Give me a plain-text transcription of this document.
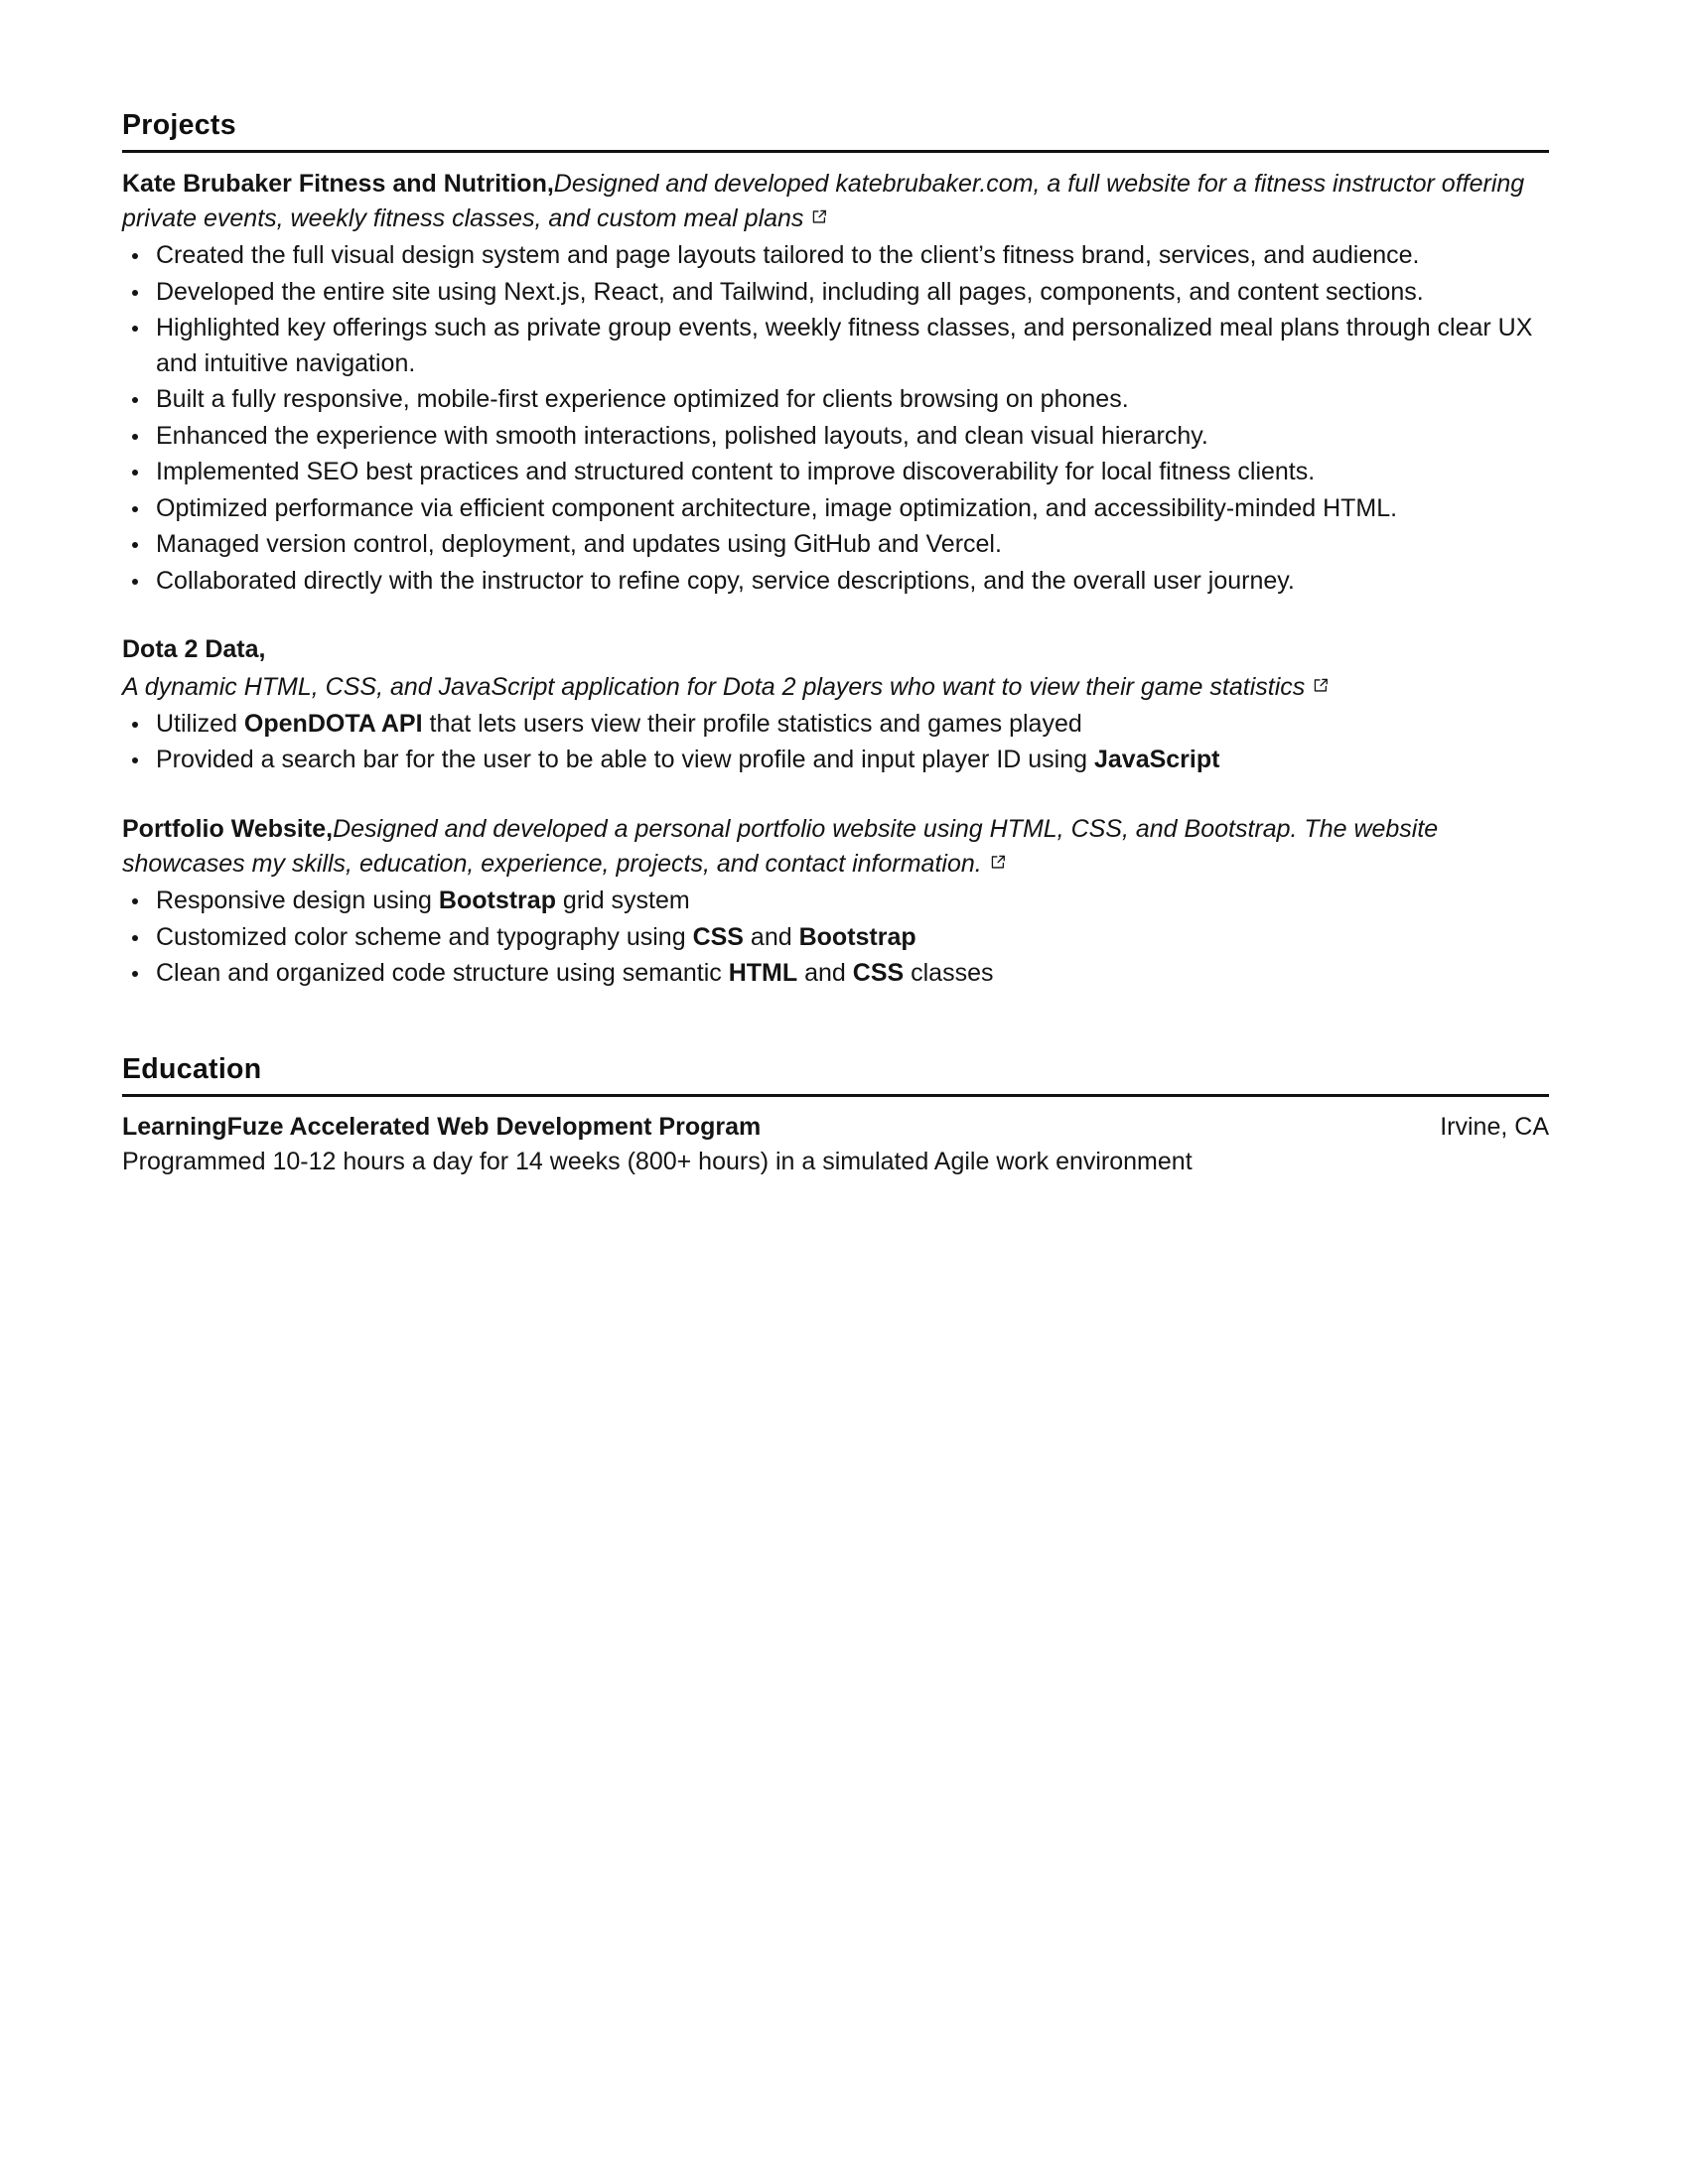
Projects

Kate Brubaker Fitness and Nutrition,Designed and developed katebrubaker.com, a full website for a fitness instructor offering private events, weekly fitness classes, and custom meal plans

Created the full visual design system and page layouts tailored to the client’s fitness brand, services, and audience.
Developed the entire site using Next.js, React, and Tailwind, including all pages, components, and content sections.
Highlighted key offerings such as private group events, weekly fitness classes, and personalized meal plans through clear UX and intuitive navigation.
Built a fully responsive, mobile-first experience optimized for clients browsing on phones.
Enhanced the experience with smooth interactions, polished layouts, and clean visual hierarchy.
Implemented SEO best practices and structured content to improve discoverability for local fitness clients.
Optimized performance via efficient component architecture, image optimization, and accessibility-minded HTML.
Managed version control, deployment, and updates using GitHub and Vercel.
Collaborated directly with the instructor to refine copy, service descriptions, and the overall user journey.

Dota 2 Data,

A dynamic HTML, CSS, and JavaScript application for Dota 2 players who want to view their game statistics

Utilized OpenDOTA API that lets users view their profile statistics and games played
Provided a search bar for the user to be able to view profile and input player ID using JavaScript

Portfolio Website,Designed and developed a personal portfolio website using HTML, CSS, and Bootstrap. The website showcases my skills, education, experience, projects, and contact information.

Responsive design using Bootstrap grid system
Customized color scheme and typography using CSS and Bootstrap
Clean and organized code structure using semantic HTML and CSS classes
Education
LearningFuze Accelerated Web Development Program	Irvine, CA
Programmed 10-12 hours a day for 14 weeks (800+ hours) in a simulated Agile work environment
